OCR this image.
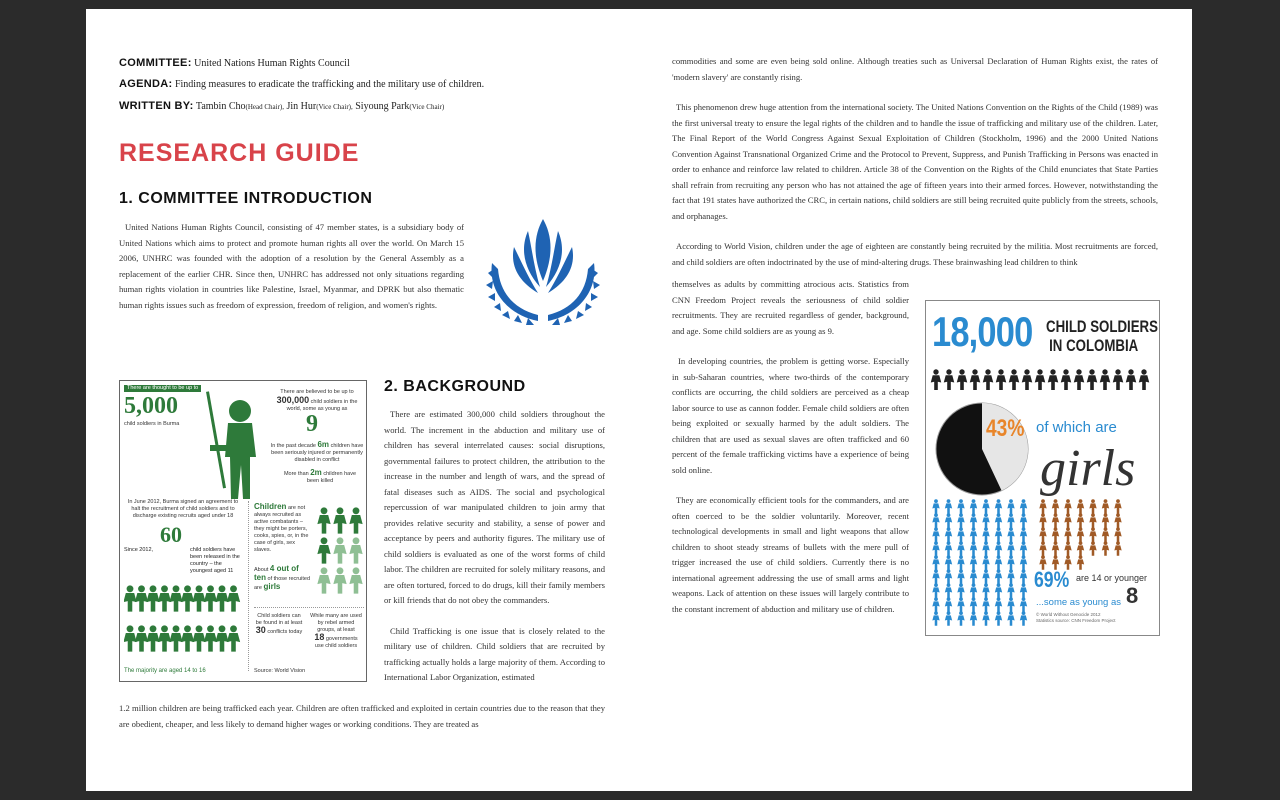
COMMITTEE: United Nations Human Rights Council
AGENDA: Finding measures to eradicate the trafficking and the military use of children.
WRITTEN BY: Tambin Cho(Head Chair), Jin Hur(Vice Chair), Siyoung Park(Vice Chair)
RESEARCH GUIDE
1. COMMITTEE INTRODUCTION

United Nations Human Rights Council, consisting of 47 member states, is a subsidiary body of United Nations which aims to protect and promote human rights all over the world. On March 15 2006, UNHRC was founded with the adoption of a resolution by the General Assembly as a replacement of the earlier CHR. Since then, UNHRC has addressed not only situations regarding human rights violation in countries like Palestine, Israel, Myanmar, and DPRK but also thematic human rights issues such as freedom of expression, freedom of religion, and women's rights.

There are thought to be up to
5,000
child soldiers in Burma
There are believed to be up to
300,000 child soldiers in the world, some as young as
9
In the past decade 6m children have been seriously injured or permanently disabled in conflict
More than 2m children have been killed
In June 2012, Burma signed an agreement to halt the recruitment of child soldiers and to discharge existing recruits aged under 18
Since 2012,
60
child soldiers have been released in the country – the youngest aged 11
Children are not always recruited as active combatants – they might be porters, cooks, spies, or, in the case of girls, sex slaves.
About 4 out of ten of those recruited are girls
Child soldiers can be found in at least
30 conflicts today
While many are used by rebel armed groups, at least
18 governments use child soldiers
The majority are aged 14 to 16	Source: World Vision
2. BACKGROUND

There are estimated 300,000 child soldiers throughout the world. The increment in the abduction and military use of children has several interrelated causes: social disruptions, governmental failures to protect children, the attribution to the increase in the number and length of wars, and the spread of fatal diseases such as AIDS. The social and psychological repercussion of war manipulated children to join army that provides relative security and stability, a sense of power and acceptance by peers and authority figures. The military use of child soldiers is evaluated as one of the worst forms of child labor. The children are recruited for solely military reasons, and are often tortured, forced to do drugs, kill their family members or kill friends that do not obey the commanders.

Child Trafficking is one issue that is closely related to the military use of children. Child soldiers that are recruited by trafficking actually holds a large majority of them. According to International Labor Organization, estimated

1.2 million children are being trafficked each year. Children are often trafficked and exploited in certain countries due to the reason that they are obedient, cheaper, and less likely to demand higher wages or working conditions. They are treated as

commodities and some are even being sold online. Although treaties such as Universal Declaration of Human Rights exist, the rates of 'modern slavery' are constantly rising.

This phenomenon drew huge attention from the international society. The United Nations Convention on the Rights of the Child (1989) was the first universal treaty to ensure the legal rights of the children and to handle the issue of trafficking and military use of the children. Later, The Final Report of the World Congress Against Sexual Exploitation of Children (Stockholm, 1996) and the 2000 United Nations Convention Against Transnational Organized Crime and the Protocol to Prevent, Suppress, and Punish Trafficking in Persons was enacted in order to enhance and reinforce law related to children. Article 38 of the Convention on the Rights of the Child enunciates that State Parties shall refrain from recruiting any person who has not attained the age of fifteen years into their armed forces. However, notwithstanding the fact that 191 states have authorized the CRC, in certain nations, child soldiers are still being recruited quite publicly from the streets, schools, and orphanages.

According to World Vision, children under the age of eighteen are constantly being recruited by the militia. Most recruitments are forced, and child soldiers are often indoctrinated by the use of mind-altering drugs. These brainwashing lead children to think

themselves as adults by committing atrocious acts. Statistics from CNN Freedom Project reveals the seriousness of child soldier recruitments. They are recruited regardless of gender, background, and age. Some child soldiers are as young as 9.

In developing countries, the problem is getting worse. Especially in sub-Saharan countries, where two-thirds of the contemporary conflicts are occurring, the child soldiers are perceived as a cheap labor source to use as cannon fodder. Female child soldiers are often being exploited or sexually harmed by the adult soldiers. The children that are used as sexual slaves are often trafficked and 60 percent of the female trafficking victims have a experience of being sold online.

They are economically efficient tools for the commanders, and are often coerced to be the soldier voluntarily. Moreover, recent technological developments in small and light weapons that allow children to shoot steady streams of bullets with the mere pull of trigger increased the use of child soldiers. Currently there is no international agreement addressing the use of small arms and light weapons. Lack of attention on these issues will largely contribute to the constant increment of abduction and military use of children.

18,000 CHILD SOLDIERS
IN COLOMBIA
43% of which are
girls
69% are 14 or younger
...some as young as 8
© World Without Genocide 2012
Statistics source: CNN Freedom Project
